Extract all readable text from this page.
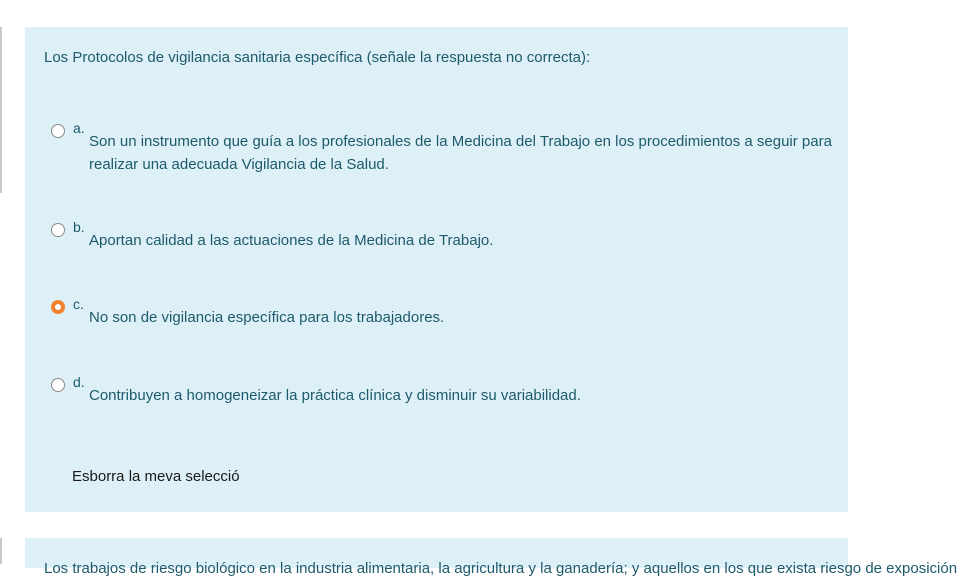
Los Protocolos de vigilancia sanitaria específica (señale la respuesta no correcta):
a.
Son un instrumento que guía a los profesionales de la Medicina del Trabajo en los procedimientos a seguir para realizar una adecuada Vigilancia de la Salud.
b.
Aportan calidad a las actuaciones de la Medicina de Trabajo.
c.
No son de vigilancia específica para los trabajadores.
d.
Contribuyen a homogeneizar la práctica clínica y disminuir su variabilidad.
Esborra la meva selecció
Los trabajos de riesgo biológico en la industria alimentaria, la agricultura y la ganadería; y aquellos en los que exista riesgo de exposición
